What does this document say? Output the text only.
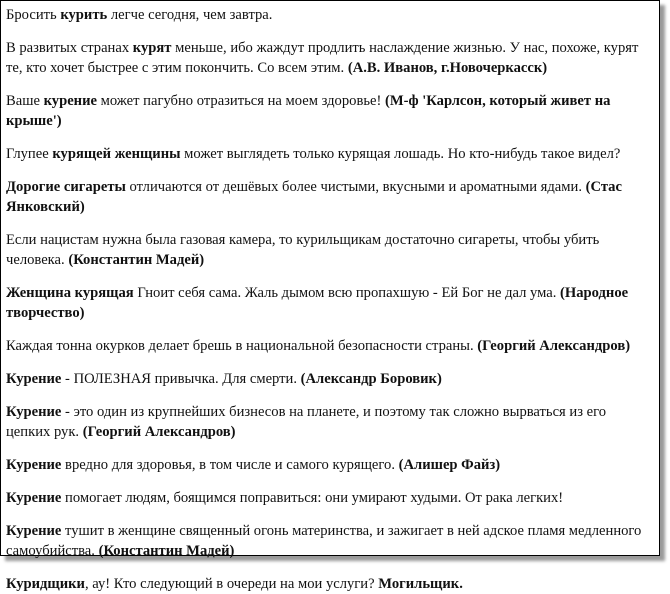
Бросить курить легче сегодня, чем завтра.

В развитых странах курят меньше, ибо жаждут продлить наслаждение жизнью. У нас, похоже, курят те, кто хочет быстрее с этим покончить. Со всем этим. (А.В. Иванов, г.Новочеркасск)

Ваше курение может пагубно отразиться на моем здоровье! (М-ф 'Карлсон, который живет на крыше')

Глупее курящей женщины может выглядеть только курящая лошадь. Но кто-нибудь такое видел?

Дорогие сигареты отличаются от дешёвых более чистыми, вкусными и ароматными ядами. (Стас Янковский)

Если нацистам нужна была газовая камера, то курильщикам достаточно сигареты, чтобы убить человека. (Константин Мадей)

Женщина курящая Гноит себя сама. Жаль дымом всю пропахшую - Ей Бог не дал ума. (Народное творчество)

Каждая тонна окурков делает брешь в национальной безопасности страны. (Георгий Александров)

Курение - ПОЛЕЗНАЯ привычка. Для смерти. (Александр Боровик)

Курение - это один из крупнейших бизнесов на планете, и поэтому так сложно вырваться из его цепких рук. (Георгий Александров)

Курение вредно для здоровья, в том числе и самого курящего. (Алишер Файз)

Курение помогает людям, боящимся поправиться: они умирают худыми. От рака легких!

Курение тушит в женщине священный огонь материнства, и зажигает в ней адское пламя медленного самоубийства. (Константин Мадей)

Куридщики, ау! Кто следующий в очереди на мои услуги? Могильщик.
